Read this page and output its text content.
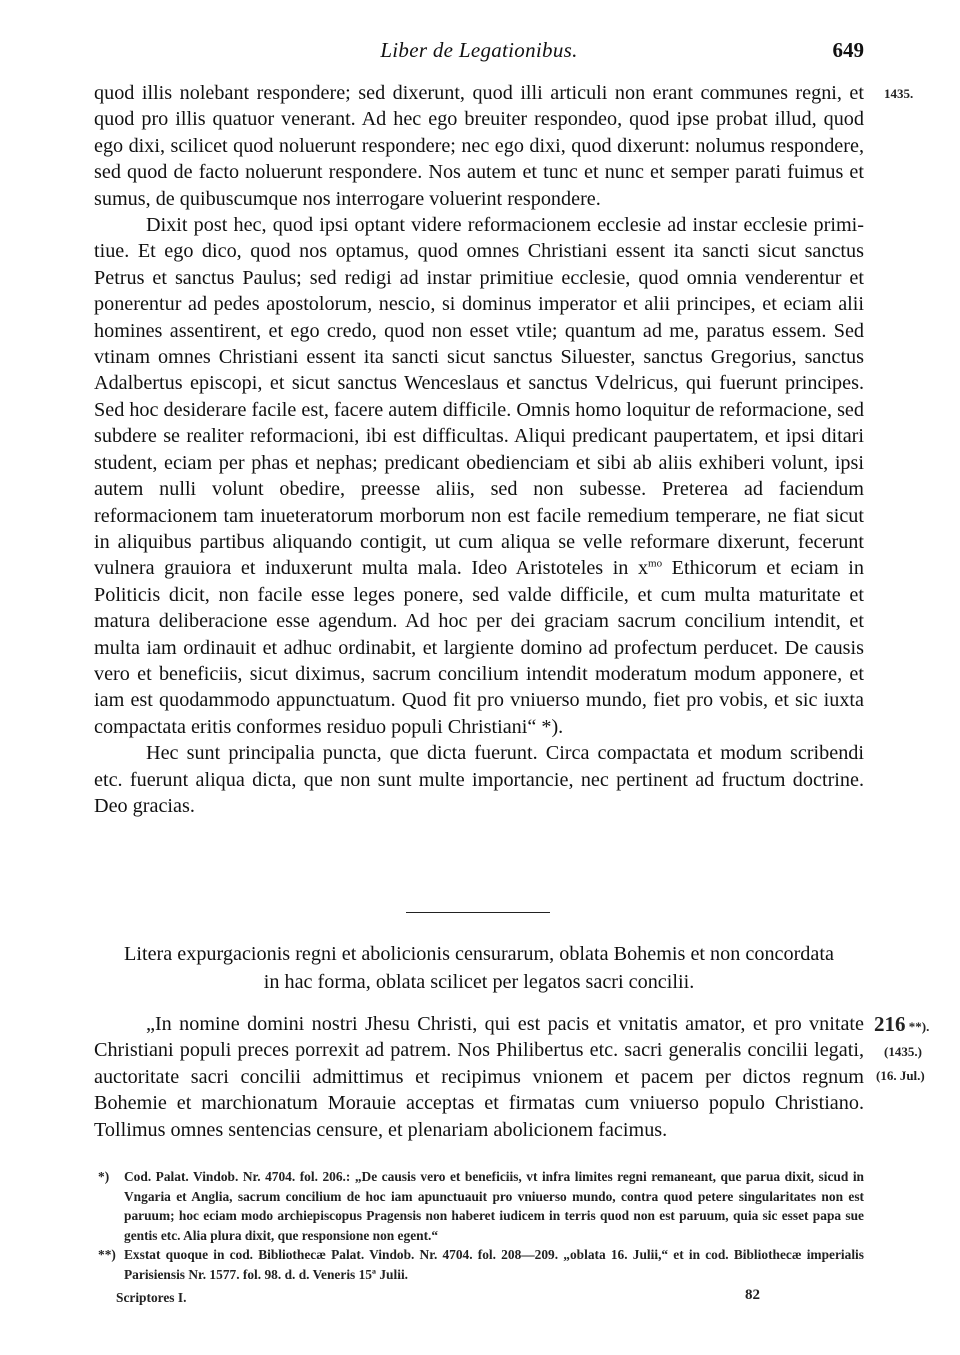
Liber de Legationibus.	649
1435.

quod illis nolebant respondere; sed dixerunt, quod illi articuli non erant communes regni, et quod pro illis quatuor venerant. Ad hec ego breuiter respondeo, quod ipse probat illud, quod ego dixi, scilicet quod noluerunt respondere; nec ego dixi, quod dixerunt: nolumus respondere, sed quod de facto noluerunt respondere. Nos autem et tunc et nunc et semper parati fuimus et sumus, de quibuscumque nos interrogare voluerint respondere.

Dixit post hec, quod ipsi optant videre reformacionem ecclesie ad instar ecclesie primitiue. Et ego dico, quod nos optamus, quod omnes Christiani essent ita sancti sicut sanctus Petrus et sanctus Paulus; sed redigi ad instar primitiue ecclesie, quod omnia venderentur et ponerentur ad pedes apostolorum, nescio, si dominus imperator et alii principes, et eciam alii homines assentirent, et ego credo, quod non esset vtile; quantum ad me, paratus essem. Sed vtinam omnes Christiani essent ita sancti sicut sanctus Siluester, sanctus Gregorius, sanctus Adalbertus episcopi, et sicut sanctus Wenceslaus et sanctus Vdelricus, qui fuerunt principes. Sed hoc desiderare facile est, facere autem difficile. Omnis homo loquitur de reformacione, sed subdere se realiter reformacioni, ibi est difficultas. Aliqui predicant paupertatem, et ipsi ditari student, eciam per phas et nephas; predicant obedienciam et sibi ab aliis exhiberi volunt, ipsi autem nulli volunt obedire, preesse aliis, sed non subesse. Preterea ad faciendum reformacionem tam inueteratorum morborum non est facile remedium temperare, ne fiat sicut in aliquibus partibus aliquando contigit, ut cum aliqua se velle reformare dixerunt, fecerunt vulnera grauiora et induxerunt multa mala. Ideo Aristoteles in $x^{mo}$ Ethicorum et eciam in Politicis dicit, non facile esse leges ponere, sed valde difficile, et cum multa maturitate et matura deliberacione esse agendum. Ad hoc per dei graciam sacrum concilium intendit, et multa iam ordinauit et adhuc ordinabit, et largiente domino ad profectum perducet. De causis vero et beneficiis, sicut diximus, sacrum concilium intendit moderatum modum apponere, et iam est quodammodo appunctuatum. Quod fit pro vniuerso mundo, fiet pro vobis, et sic iuxta compactata eritis conformes residuo populi Christiani“ *).

Hec sunt principalia puncta, que dicta fuerunt. Circa compactata et modum scribendi etc. fuerunt aliqua dicta, que non sunt multe importancie, nec pertinent ad fructum doctrine. Deo gracias.

Litera expurgacionis regni et abolicionis censurarum, oblata Bohemis et non concordata
in hac forma, oblata scilicet per legatos sacri concilii.
216 **).
(1435.)
(16. Jul.)

„In nomine domini nostri Jhesu Christi, qui est pacis et vnitatis amator, et pro vnitate Christiani populi preces porrexit ad patrem. Nos Philibertus etc. sacri generalis concilii legati, auctoritate sacri concilii admittimus et recipimus vnionem et pacem per dictos regnum Bohemie et marchionatum Morauie acceptas et firmatas cum vniuerso populo Christiano. Tollimus omnes sentencias censure, et plenariam abolicionem facimus.

*) Cod. Palat. Vindob. Nr. 4704. fol. 206.: „De causis vero et beneficiis, vt infra limites regni remaneant, que parua dixit, sicud in Vngaria et Anglia, sacrum concilium de hoc iam apunctuauit pro vniuerso mundo, contra quod petere singularitates non est paruum; hoc eciam modo archiepiscopus Pragensis non haberet iudicem in terris quod non est paruum, quia sic esset papa sue gentis etc. Alia plura dixit, que responsione non egent.“

**) Exstat quoque in cod. Bibliothecæ Palat. Vindob. Nr. 4704. fol. 208—209. „oblata 16. Julii,“ et in cod. Bibliothecæ imperialis Parisiensis Nr. 1577. fol. 98. d. d. Veneris 15ª Julii.

Scriptores I.	82
